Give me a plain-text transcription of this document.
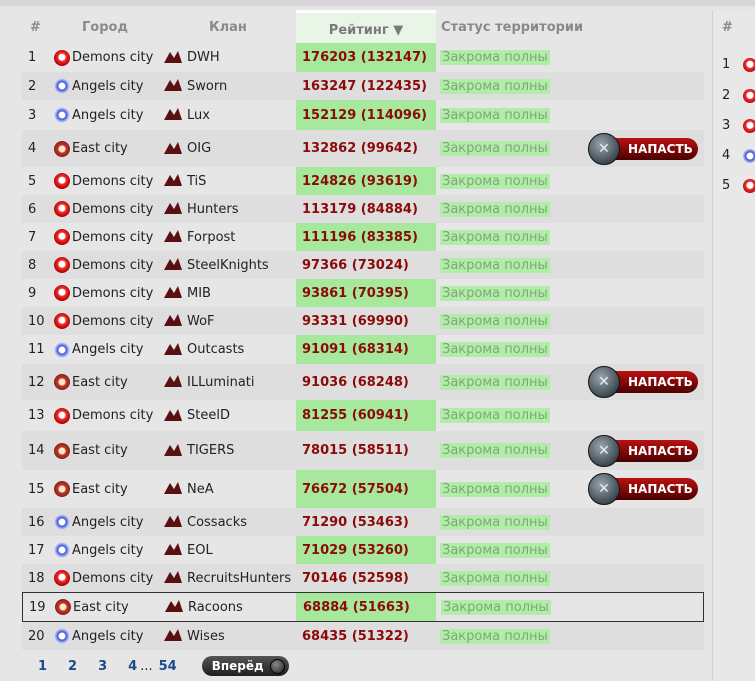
#	Город	Клан	Рейтинг ▼	Статус территории	#
1	Demons city	DWH	176203 (132147)	Закрома полны
2	Angels city	Sworn	163247 (122435)	Закрома полны
3	Angels city	Lux	152129 (114096)	Закрома полны
4	East city	OIG	132862 (99642)	Закрома полны	✕	НАПАСТЬ
5	Demons city	TiS	124826 (93619)	Закрома полны
6	Demons city	Hunters	113179 (84884)	Закрома полны
7	Demons city	Forpost	111196 (83385)	Закрома полны
8	Demons city	SteelKnights	97366 (73024)	Закрома полны
9	Demons city	MIB	93861 (70395)	Закрома полны
10 Demons city	WoF	93331 (69990)	Закрома полны
11 Angels city	Outcasts	91091 (68314)	Закрома полны
12 East city	ILLuminati	91036 (68248)	Закрома полны	✕	НАПАСТЬ
13 Demons city	SteelD	81255 (60941)	Закрома полны
14 East city	TIGERS	78015 (58511)	Закрома полны	✕	НАПАСТЬ
15 East city	NeA	76672 (57504)	Закрома полны	✕	НАПАСТЬ
16 Angels city	Cossacks	71290 (53463)	Закрома полны
17 Angels city	EOL	71029 (53260)	Закрома полны
18 Demons city	RecruitsHunters 70146 (52598)	Закрома полны
19 East city	Racoons	68884 (51663)	Закрома полны
20 Angels city	Wises	68435 (51322)	Закрома полны
1
2
3
4
5
1 2 3 4 ... 54	Вперёд
